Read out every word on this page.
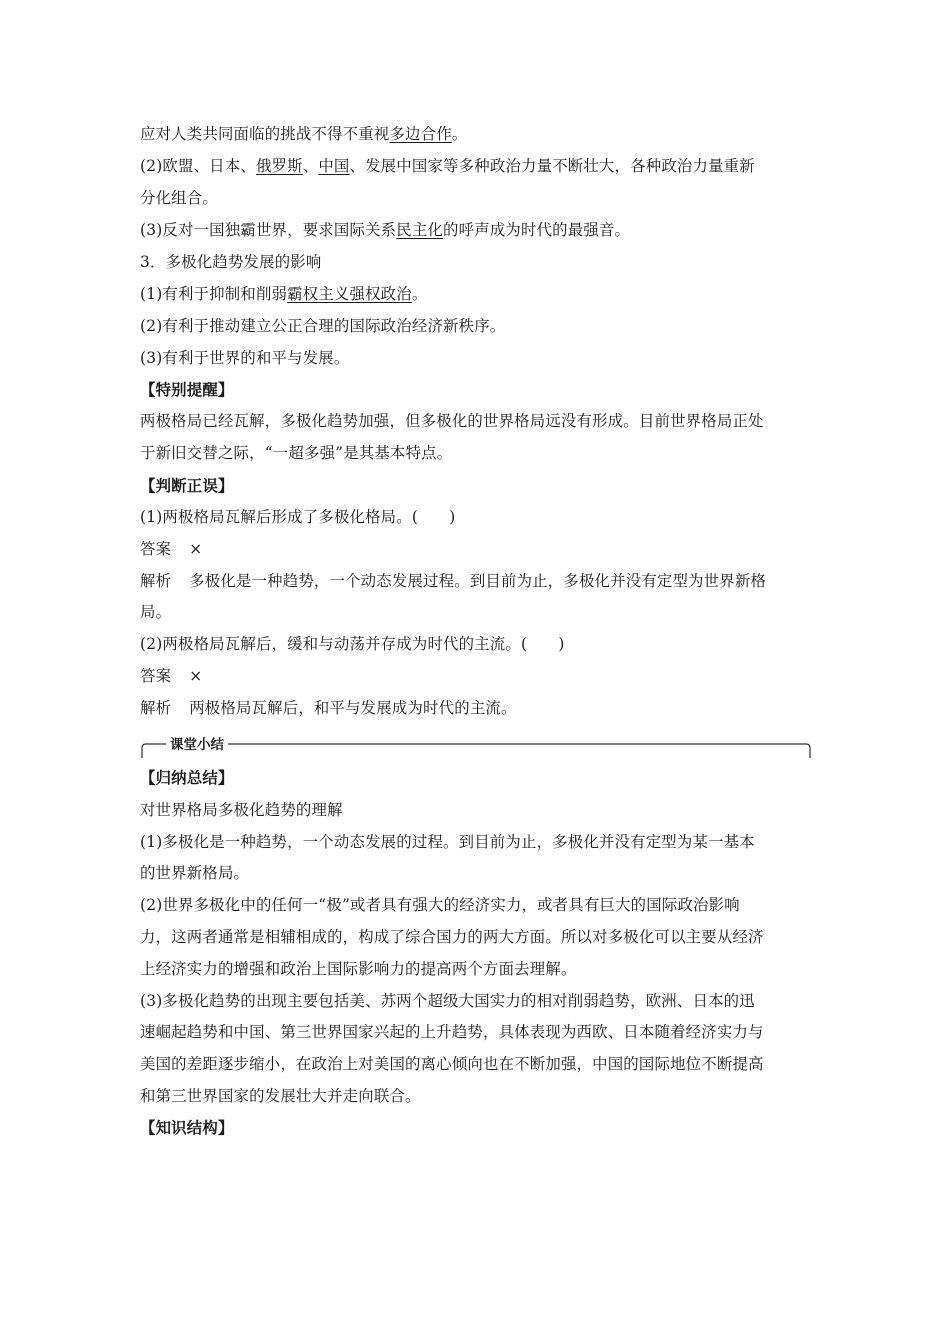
应对人类共同面临的挑战不得不重视多边合作。
(2)欧盟、日本、俄罗斯、中国、发展中国家等多种政治力量不断壮大，各种政治力量重新
分化组合。
(3)反对一国独霸世界，要求国际关系民主化的呼声成为时代的最强音。
3．多极化趋势发展的影响
(1)有利于抑制和削弱霸权主义强权政治。
(2)有利于推动建立公正合理的国际政治经济新秩序。
(3)有利于世界的和平与发展。
【特别提醒】
两极格局已经瓦解，多极化趋势加强，但多极化的世界格局远没有形成。目前世界格局正处
于新旧交替之际，“一超多强”是其基本特点。
【判断正误】
(1)两极格局瓦解后形成了多极化格局。(　　)
答案 ×
解析 多极化是一种趋势，一个动态发展过程。到目前为止，多极化并没有定型为世界新格
局。
(2)两极格局瓦解后，缓和与动荡并存成为时代的主流。(　　)
答案 ×
解析 两极格局瓦解后，和平与发展成为时代的主流。
课堂小结
【归纳总结】
对世界格局多极化趋势的理解
(1)多极化是一种趋势，一个动态发展的过程。到目前为止，多极化并没有定型为某一基本
的世界新格局。
(2)世界多极化中的任何一“极”或者具有强大的经济实力，或者具有巨大的国际政治影响
力，这两者通常是相辅相成的，构成了综合国力的两大方面。所以对多极化可以主要从经济
上经济实力的增强和政治上国际影响力的提高两个方面去理解。
(3)多极化趋势的出现主要包括美、苏两个超级大国实力的相对削弱趋势，欧洲、日本的迅
速崛起趋势和中国、第三世界国家兴起的上升趋势，具体表现为西欧、日本随着经济实力与
美国的差距逐步缩小，在政治上对美国的离心倾向也在不断加强，中国的国际地位不断提高
和第三世界国家的发展壮大并走向联合。
【知识结构】
